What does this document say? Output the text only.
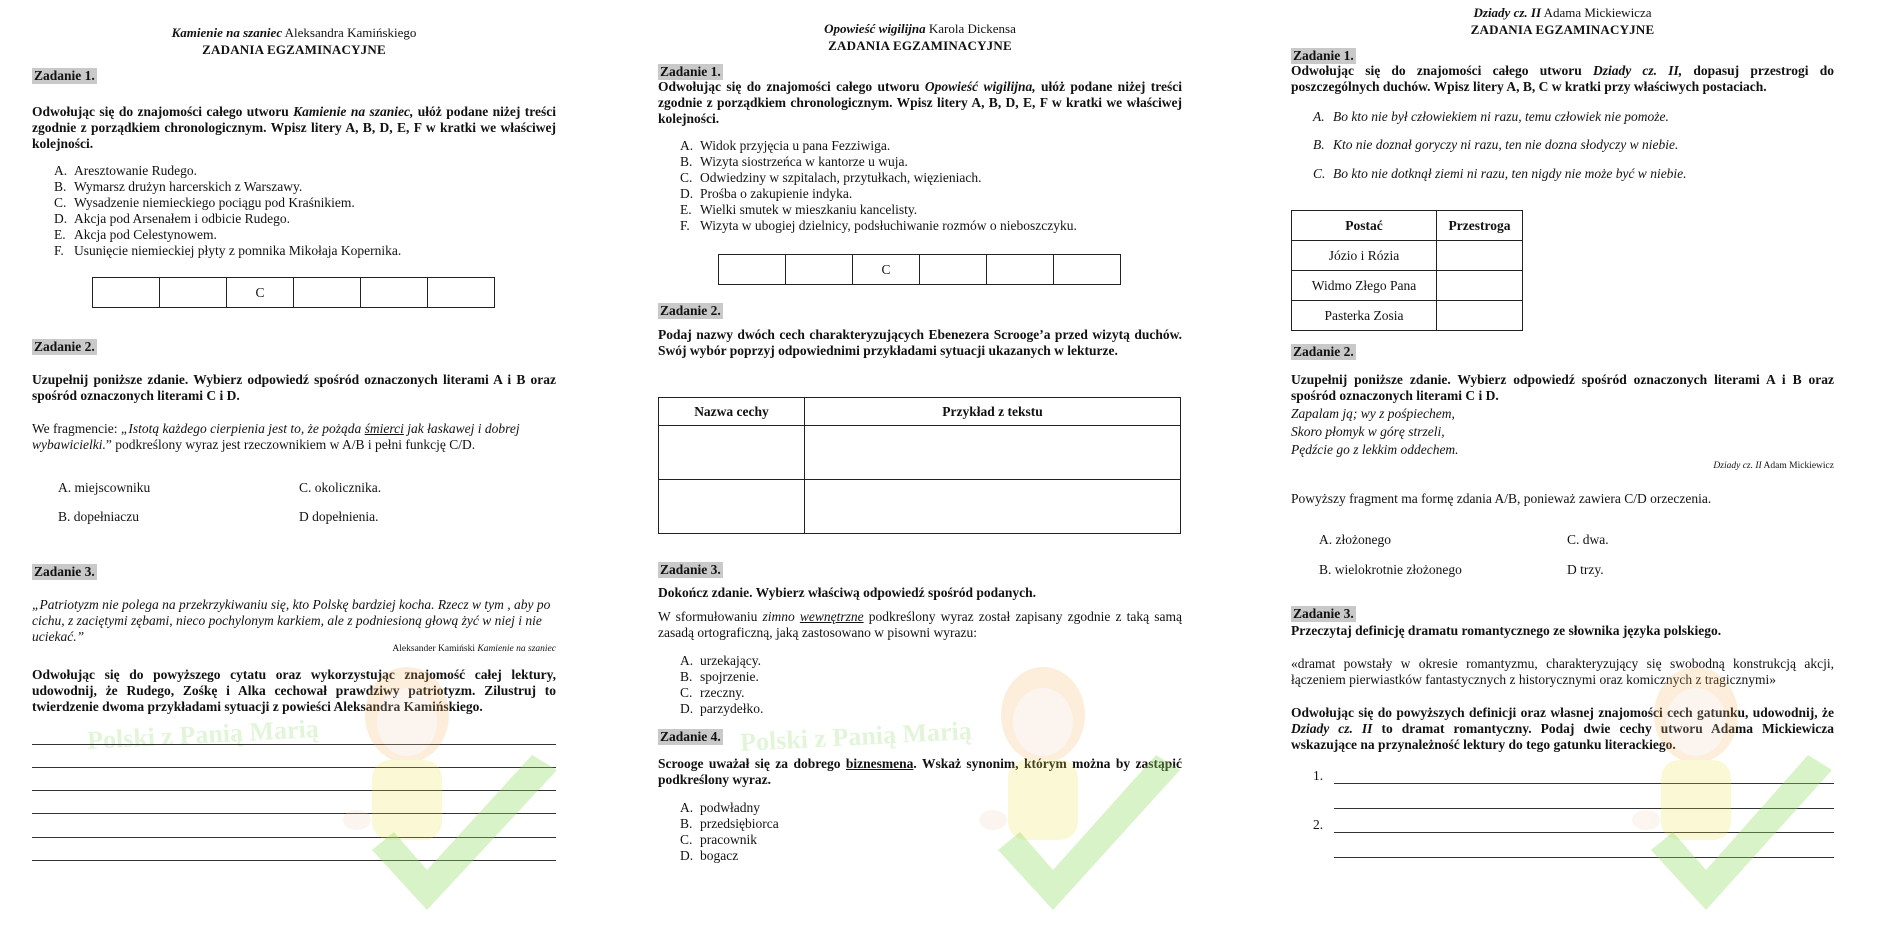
Kamienie na szaniec Aleksandra Kamińskiego
ZADANIA EGZAMINACYJNE
Zadanie 1.
Odwołując się do znajomości całego utworu Kamienie na szaniec, ułóż podane niżej treści zgodnie z porządkiem chronologicznym. Wpisz litery A, B, D, E, F w kratki we właściwej kolejności.
A. Aresztowanie Rudego.
B. Wymarsz drużyn harcerskich z Warszawy.
C. Wysadzenie niemieckiego pociągu pod Kraśnikiem.
D. Akcja pod Arsenałem i odbicie Rudego.
E. Akcja pod Celestynowem.
F. Usunięcie niemieckiej płyty z pomnika Mikołaja Kopernika.
		C			
Zadanie 2.
Uzupełnij poniższe zdanie. Wybierz odpowiedź spośród oznaczonych literami A i B oraz spośród oznaczonych literami C i D.
We fragmencie: „Istotą każdego cierpienia jest to, że pożąda śmierci jak łaskawej i dobrej wybawicielki.” podkreślony wyraz jest rzeczownikiem w A/B i pełni funkcję C/D.
A. miejscowniku	C. okolicznika.
B. dopełniaczu	D dopełnienia.
Zadanie 3.
„Patriotyzm nie polega na przekrzykiwaniu się, kto Polskę bardziej kocha. Rzecz w tym , aby po cichu, z zaciętymi zębami, nieco pochylonym karkiem, ale z podniesioną głową żyć w niej i nie uciekać.”
Aleksander Kamiński Kamienie na szaniec
Odwołując się do powyższego cytatu oraz wykorzystując znajomość całej lektury, udowodnij, że Rudego, Zośkę i Alka cechował prawdziwy patriotyzm. Zilustruj to twierdzenie dwoma przykładami sytuacji z powieści Aleksandra Kamińskiego.
Polski z Panią Marią
Opowieść wigilijna Karola Dickensa
ZADANIA EGZAMINACYJNE
Zadanie 1.
Odwołując się do znajomości całego utworu Opowieść wigilijna, ułóż podane niżej treści zgodnie z porządkiem chronologicznym. Wpisz litery A, B, D, E, F w kratki we właściwej kolejności.
A. Widok przyjęcia u pana Fezziwiga.
B. Wizyta siostrzeńca w kantorze u wuja.
C. Odwiedziny w szpitalach, przytułkach, więzieniach.
D. Prośba o zakupienie indyka.
E. Wielki smutek w mieszkaniu kancelisty.
F. Wizyta w ubogiej dzielnicy, podsłuchiwanie rozmów o nieboszczyku.
		C			
Zadanie 2.
Podaj nazwy dwóch cech charakteryzujących Ebenezera Scrooge’a przed wizytą duchów. Swój wybór poprzyj odpowiednimi przykładami sytuacji ukazanych w lekturze.
Nazwa cechy	Przykład z tekstu

Zadanie 3.
Dokończ zdanie. Wybierz właściwą odpowiedź spośród podanych.
W sformułowaniu zimno wewnętrzne podkreślony wyraz został zapisany zgodnie z taką samą zasadą ortograficzną, jaką zastosowano w pisowni wyrazu:
A. urzekający.
B. spojrzenie.
C. rzeczny.
D. parzydełko.
Zadanie 4. Polski z Panią Marią
Scrooge uważał się za dobrego biznesmena. Wskaż synonim, którym można by zastąpić podkreślony wyraz.
A. podwładny
B. przedsiębiorca
C. pracownik
D. bogacz
Dziady cz. II Adama Mickiewicza
ZADANIA EGZAMINACYJNE
Zadanie 1.
Odwołując się do znajomości całego utworu Dziady cz. II, dopasuj przestrogi do poszczególnych duchów. Wpisz litery A, B, C w kratki przy właściwych postaciach.
A. Bo kto nie był człowiekiem ni razu, temu człowiek nie pomoże.
B. Kto nie doznał goryczy ni razu, ten nie dozna słodyczy w niebie.
C. Bo kto nie dotknął ziemi ni razu, ten nigdy nie może być w niebie.
Postać	Przestroga
Józio i Rózia	
Widmo Złego Pana	
Pasterka Zosia	
Zadanie 2.
Uzupełnij poniższe zdanie. Wybierz odpowiedź spośród oznaczonych literami A i B oraz spośród oznaczonych literami C i D.
Zapalam ją; wy z pośpiechem,
Skoro płomyk w górę strzeli,
Pędźcie go z lekkim oddechem.
Dziady cz. II Adam Mickiewicz
Powyższy fragment ma formę zdania A/B, ponieważ zawiera C/D orzeczenia.
A. złożonego	C. dwa.
B. wielokrotnie złożonego	D trzy.
Zadanie 3.
Przeczytaj definicję dramatu romantycznego ze słownika języka polskiego.
«dramat powstały w okresie romantyzmu, charakteryzujący się swobodną konstrukcją akcji, łączeniem pierwiastków fantastycznych z historycznymi oraz komicznych z tragicznymi»
Odwołując się do powyższych definicji oraz własnej znajomości cech gatunku, udowodnij, że Dziady cz. II to dramat romantyczny. Podaj dwie cechy utworu Adama Mickiewicza wskazujące na przynależność lektury do tego gatunku literackiego.
1.
2.
